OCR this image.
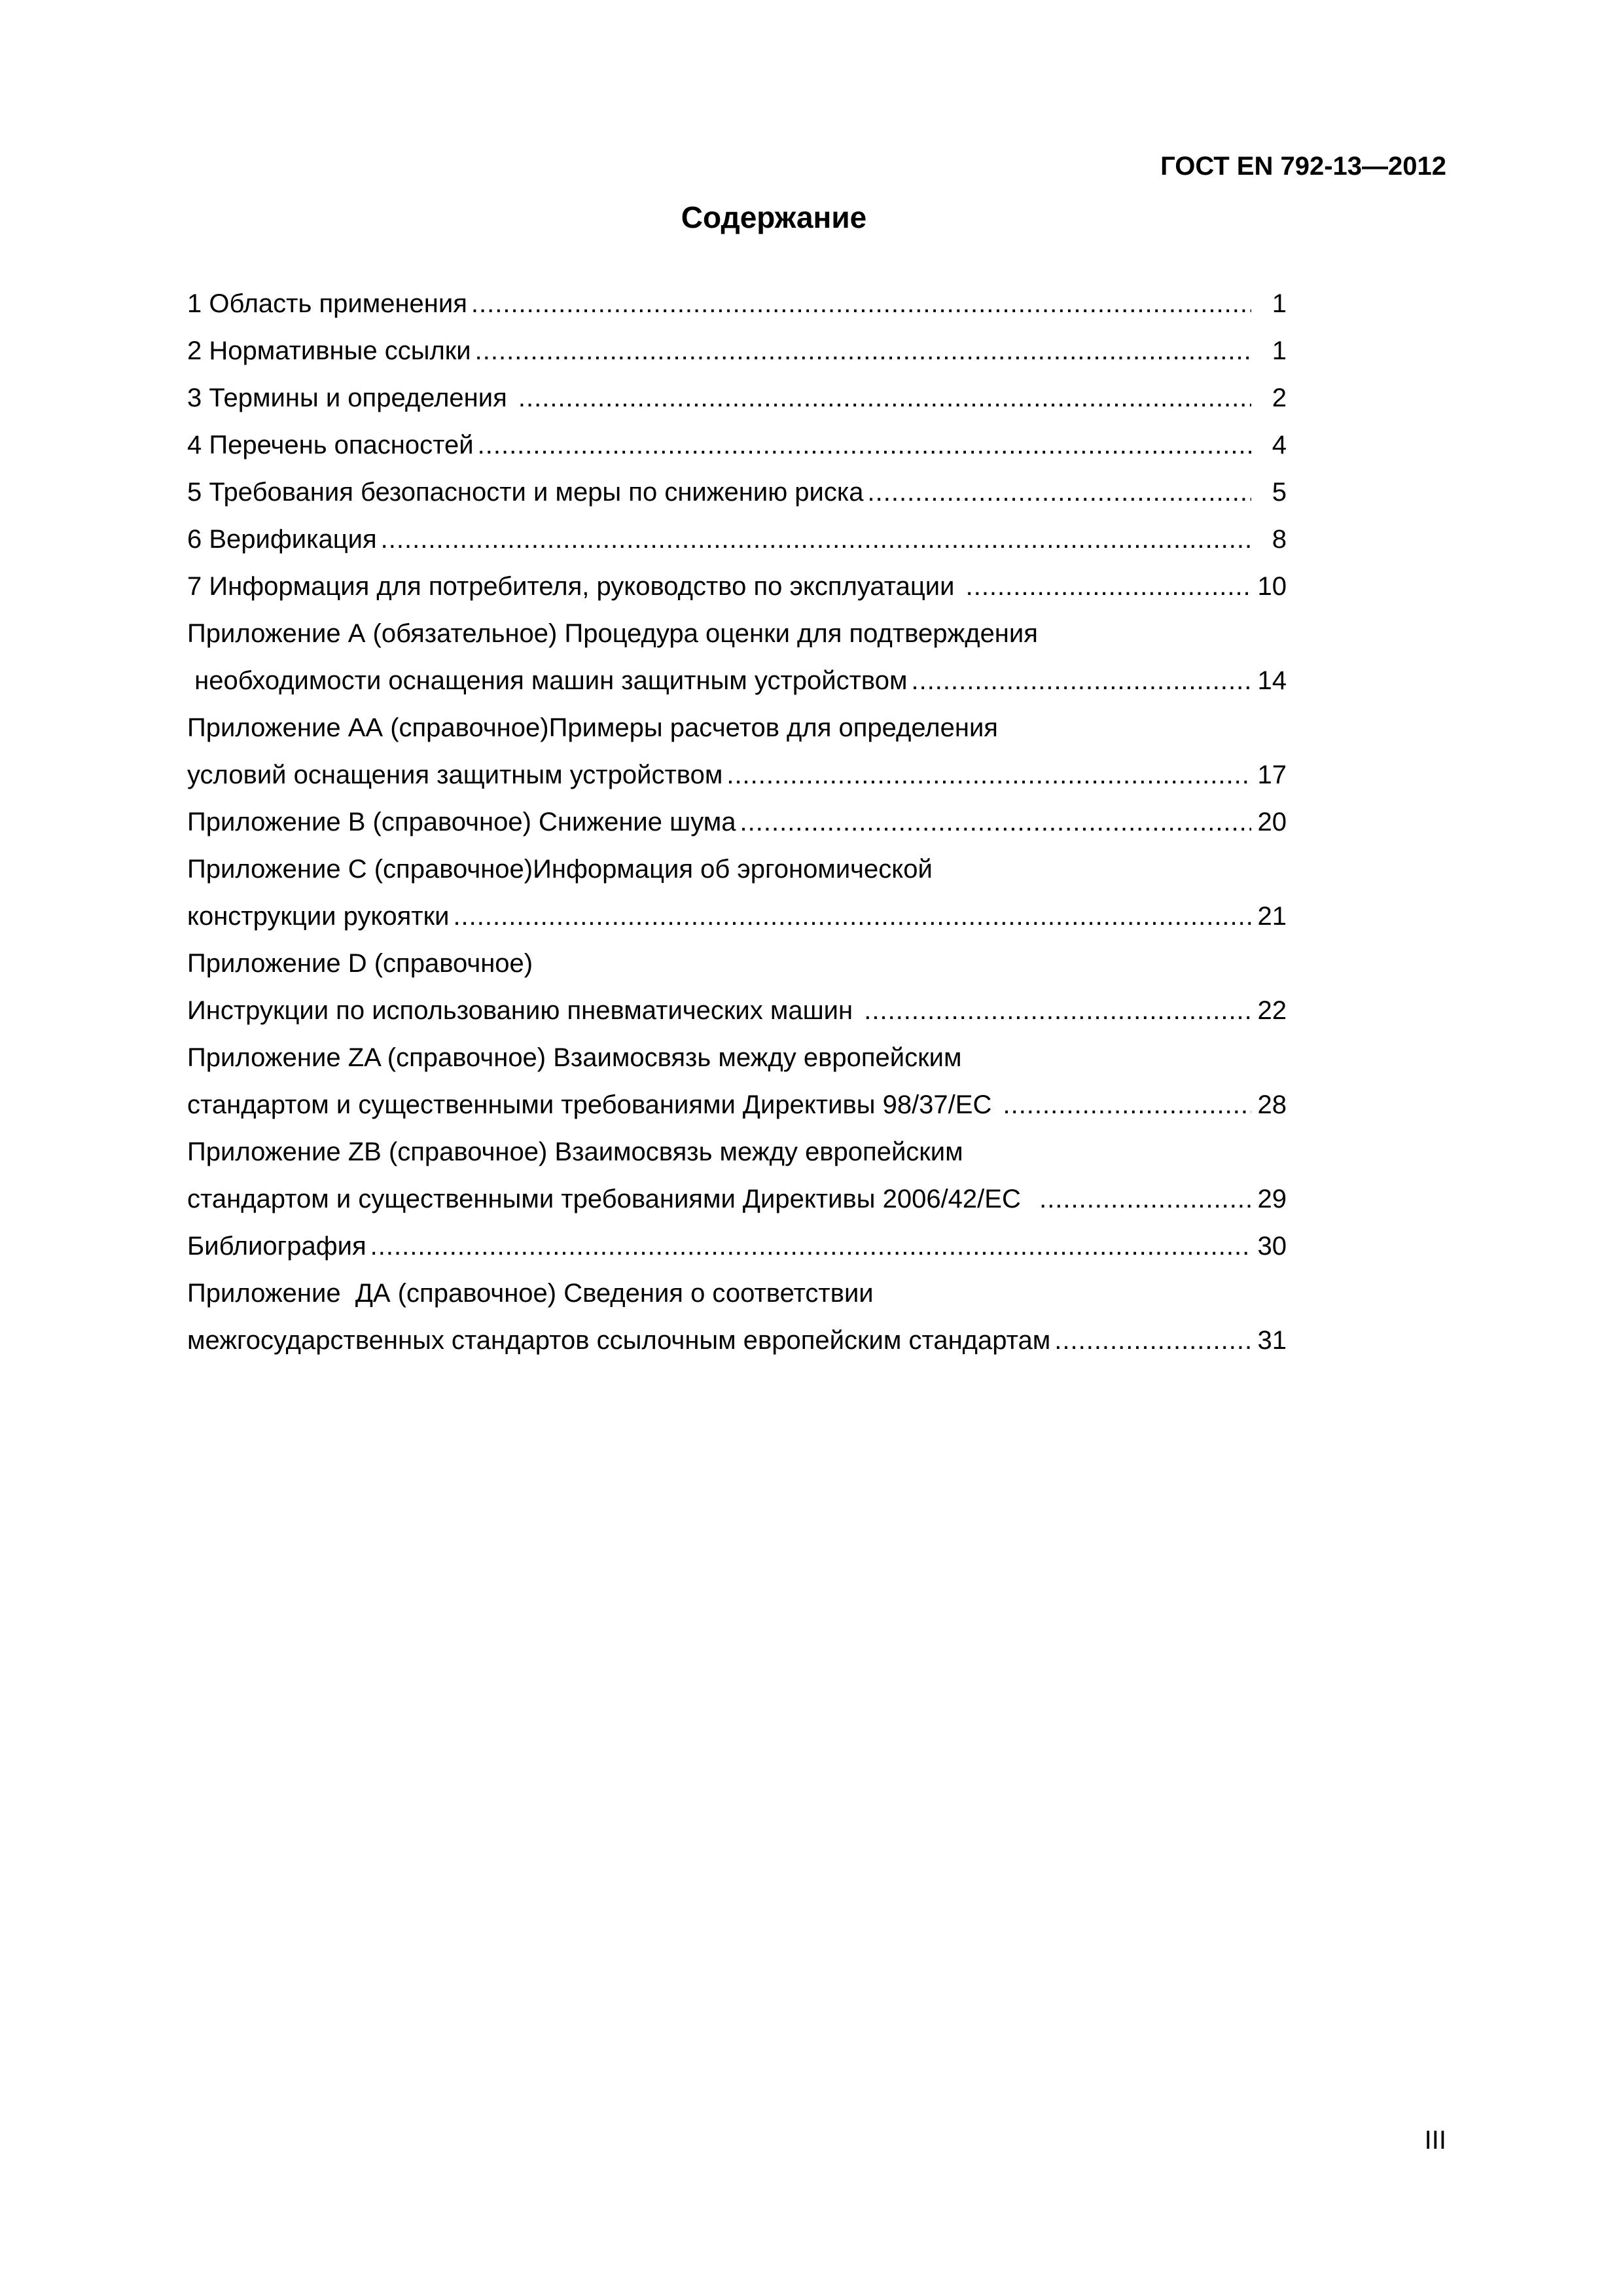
ГОСТ EN 792-13—2012
Содержание
1 Область применения .....	1
2 Нормативные ссылки .....	1
3 Термины и определения .....	2
4 Перечень опасностей .....	4
5 Требования безопасности и меры по снижению риска .....	5
6 Верификация .....	8
7 Информация для потребителя, руководство по эксплуатации .....	10
Приложение А (обязательное) Процедура оценки для подтверждения
необходимости оснащения машин защитным устройством .....	14
Приложение АА (справочное)Примеры расчетов для определения
условий оснащения защитным устройством .....	17
Приложение В (справочное) Снижение шума .....	20
Приложение С (справочное)Информация об эргономической
конструкции рукоятки .....	21
Приложение D (справочное)
Инструкции по использованию пневматических машин .....	22
Приложение ZA (справочное) Взаимосвязь между европейским
стандартом и существенными требованиями Директивы 98/37/ЕС .....	28
Приложение ZB (справочное) Взаимосвязь между европейским
стандартом и существенными требованиями Директивы 2006/42/ЕС .....	29
Библиография .....	30
Приложение  ДА (справочное) Сведения о соответствии
межгосударственных стандартов ссылочным европейским стандартам .....	31
III
